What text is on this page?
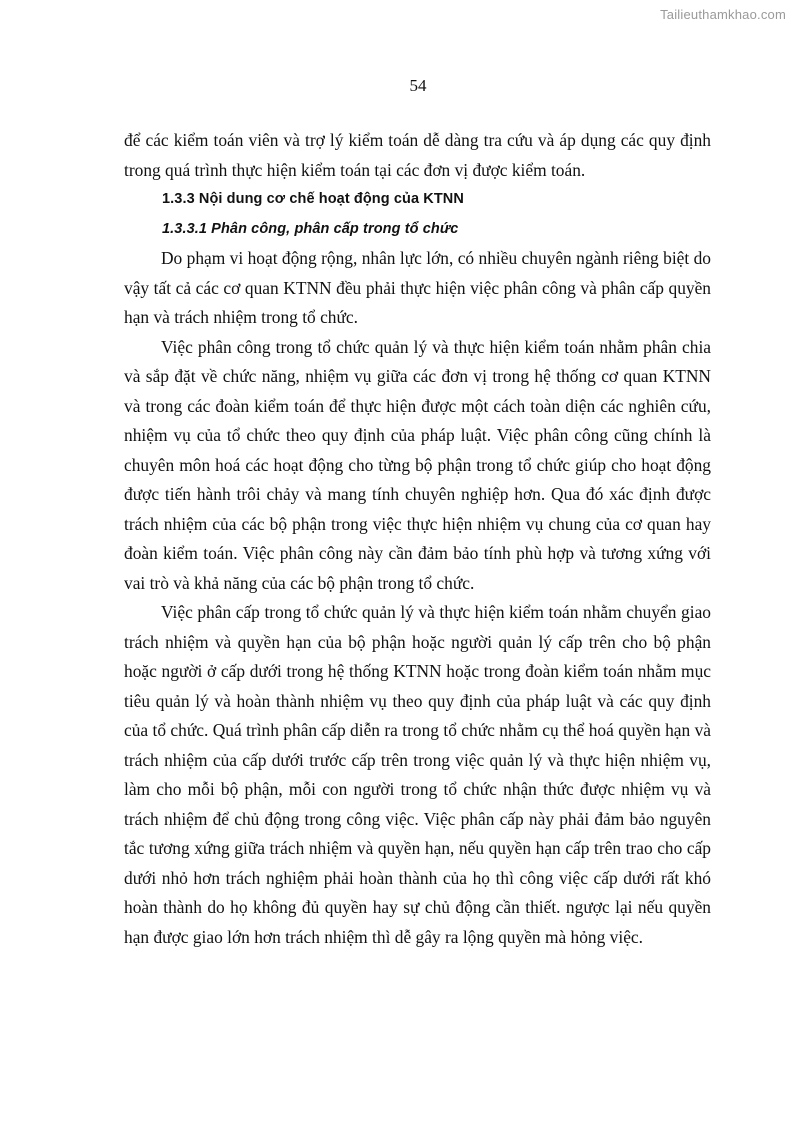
Tailieuthamkhao.com
54

để các kiểm toán viên và trợ lý kiểm toán dễ dàng tra cứu và áp dụng các quy định trong quá trình thực hiện kiểm toán tại các đơn vị được kiểm toán.

1.3.3 Nội dung cơ chế hoạt động của KTNN
1.3.3.1 Phân công, phân cấp trong tổ chức

Do phạm vi hoạt động rộng, nhân lực lớn, có nhiều chuyên ngành riêng biệt do vậy tất cả các cơ quan KTNN đều phải thực hiện việc phân công và phân cấp quyền hạn và trách nhiệm trong tổ chức.

Việc phân công trong tổ chức quản lý và thực hiện kiểm toán nhằm phân chia và sắp đặt về chức năng, nhiệm vụ giữa các đơn vị trong hệ thống cơ quan KTNN và trong các đoàn kiểm toán để thực hiện được một cách toàn diện các nghiên cứu, nhiệm vụ của tổ chức theo quy định của pháp luật. Việc phân công cũng chính là chuyên môn hoá các hoạt động cho từng bộ phận trong tổ chức giúp cho hoạt động được tiến hành trôi chảy và mang tính chuyên nghiệp hơn. Qua đó xác định được trách nhiệm của các bộ phận trong việc thực hiện nhiệm vụ chung của cơ quan hay đoàn kiểm toán. Việc phân công này cần đảm bảo tính phù hợp và tương xứng với vai trò và khả năng của các bộ phận trong tổ chức.

Việc phân cấp trong tổ chức quản lý và thực hiện kiểm toán nhằm chuyển giao trách nhiệm và quyền hạn của bộ phận hoặc người quản lý cấp trên cho bộ phận hoặc người ở cấp dưới trong hệ thống KTNN hoặc trong đoàn kiểm toán nhằm mục tiêu quản lý và hoàn thành nhiệm vụ theo quy định của pháp luật và các quy định của tổ chức. Quá trình phân cấp diễn ra trong tổ chức nhằm cụ thể hoá quyền hạn và trách nhiệm của cấp dưới trước cấp trên trong việc quản lý và thực hiện nhiệm vụ, làm cho mỗi bộ phận, mỗi con người trong tổ chức nhận thức được nhiệm vụ và trách nhiệm để chủ động trong công việc. Việc phân cấp này phải đảm bảo nguyên tắc tương xứng giữa trách nhiệm và quyền hạn, nếu quyền hạn cấp trên trao cho cấp dưới nhỏ hơn trách nghiệm phải hoàn thành của họ thì công việc cấp dưới rất khó hoàn thành do họ không đủ quyền hay sự chủ động cần thiết. ngược lại nếu quyền hạn được giao lớn hơn trách nhiệm thì dễ gây ra lộng quyền mà hỏng việc.
